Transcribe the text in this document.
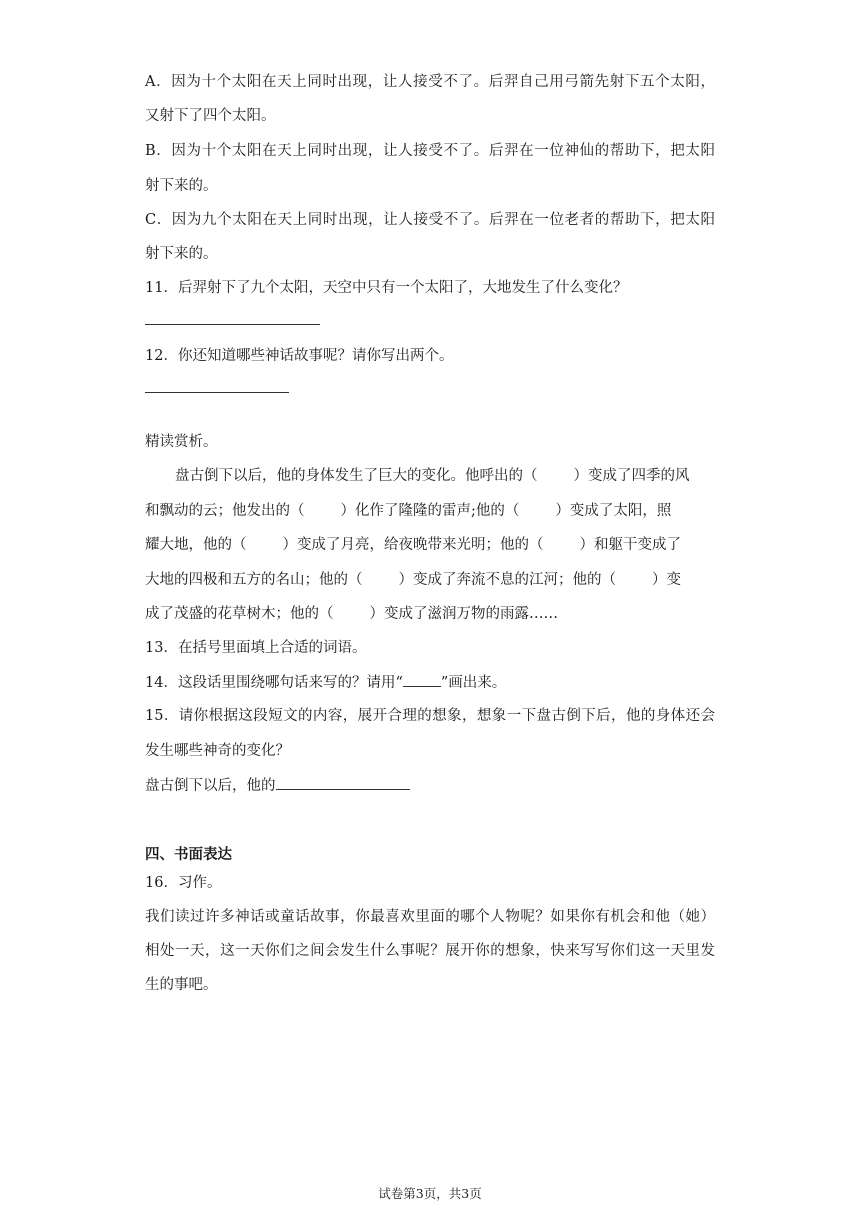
A．因为十个太阳在天上同时出现，让人接受不了。后羿自己用弓箭先射下五个太阳，
又射下了四个太阳。
B．因为十个太阳在天上同时出现，让人接受不了。后羿在一位神仙的帮助下，把太阳
射下来的。
C．因为九个太阳在天上同时出现，让人接受不了。后羿在一位老者的帮助下，把太阳
射下来的。
11．后羿射下了九个太阳，天空中只有一个太阳了，大地发生了什么变化？
12．你还知道哪些神话故事呢？请你写出两个。
精读赏析。
盘古倒下以后，他的身体发生了巨大的变化。他呼出的（ ）变成了四季的风
和飘动的云；他发出的（ ）化作了隆隆的雷声;他的（ ）变成了太阳，照
耀大地，他的（ ）变成了月亮，给夜晚带来光明；他的（ ）和躯干变成了
大地的四极和五方的名山；他的（ ）变成了奔流不息的江河；他的（ ）变
成了茂盛的花草树木；他的（ ）变成了滋润万物的雨露……
13．在括号里面填上合适的词语。
14．这段话里围绕哪句话来写的？请用“	”画出来。
15．请你根据这段短文的内容，展开合理的想象，想象一下盘古倒下后，他的身体还会
发生哪些神奇的变化？
盘古倒下以后，他的
四、书面表达
16．习作。
我们读过许多神话或童话故事，你最喜欢里面的哪个人物呢？如果你有机会和他（她）
相处一天，这一天你们之间会发生什么事呢？展开你的想象，快来写写你们这一天里发
生的事吧。
试卷第3页，共3页
